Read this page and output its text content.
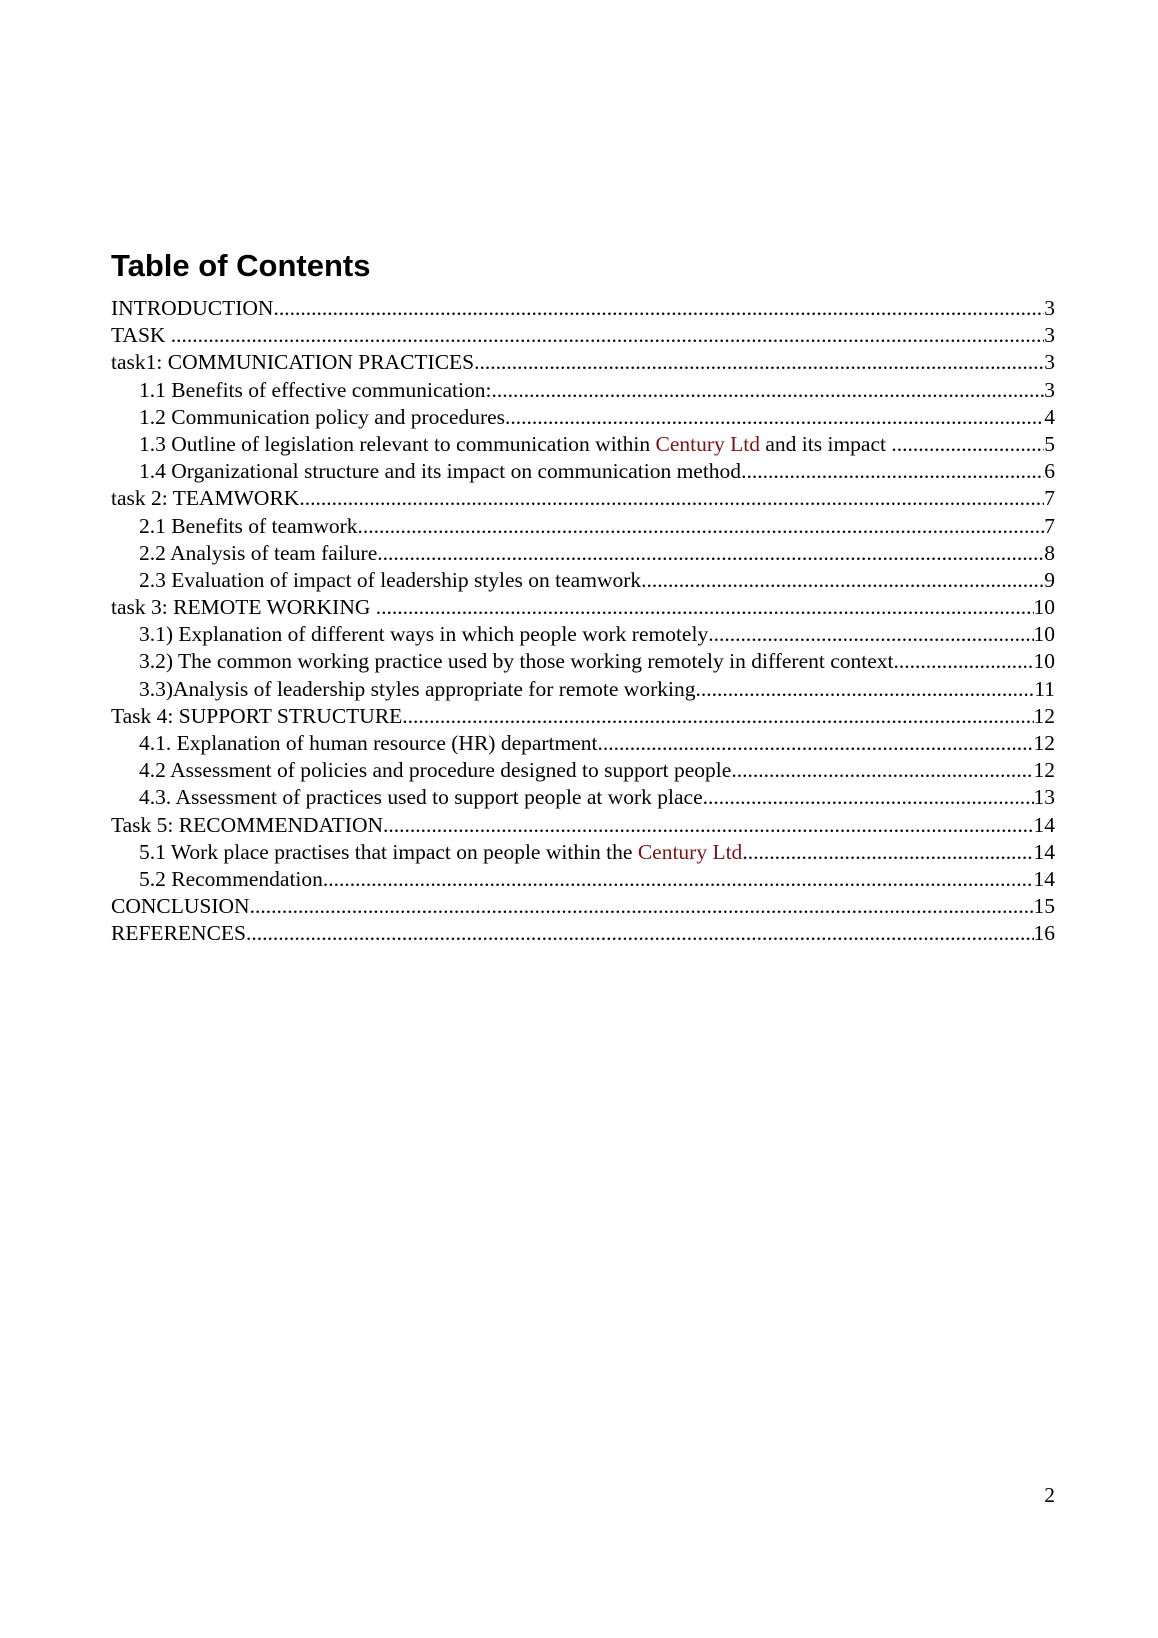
Table of Contents
INTRODUCTION .....	3
TASK .....	3
task1: COMMUNICATION PRACTICES .....	3
1.1 Benefits of effective communication: .....	3
1.2 Communication policy and procedures .....	4
1.3 Outline of legislation relevant to communication within Century Ltd and its impact .....	5
1.4 Organizational structure and its impact on communication method .....	6
task 2: TEAMWORK .....	7
2.1 Benefits of teamwork .....	7
2.2 Analysis of team failure .....	8
2.3 Evaluation of impact of leadership styles on teamwork .....	9
task 3: REMOTE WORKING .....	10
3.1) Explanation of different ways in which people work remotely .....	10
3.2) The common working practice used by those working remotely in different context .....	10
3.3)Analysis of leadership styles appropriate for remote working .....	11
Task 4: SUPPORT STRUCTURE .....	12
4.1. Explanation of human resource (HR) department .....	12
4.2 Assessment of policies and procedure designed to support people .....	12
4.3. Assessment of practices used to support people at work place .....	13
Task 5: RECOMMENDATION .....	14
5.1 Work place practises that impact on people within the Century Ltd .....	14
5.2 Recommendation .....	14
CONCLUSION .....	15
REFERENCES .....	16
2
